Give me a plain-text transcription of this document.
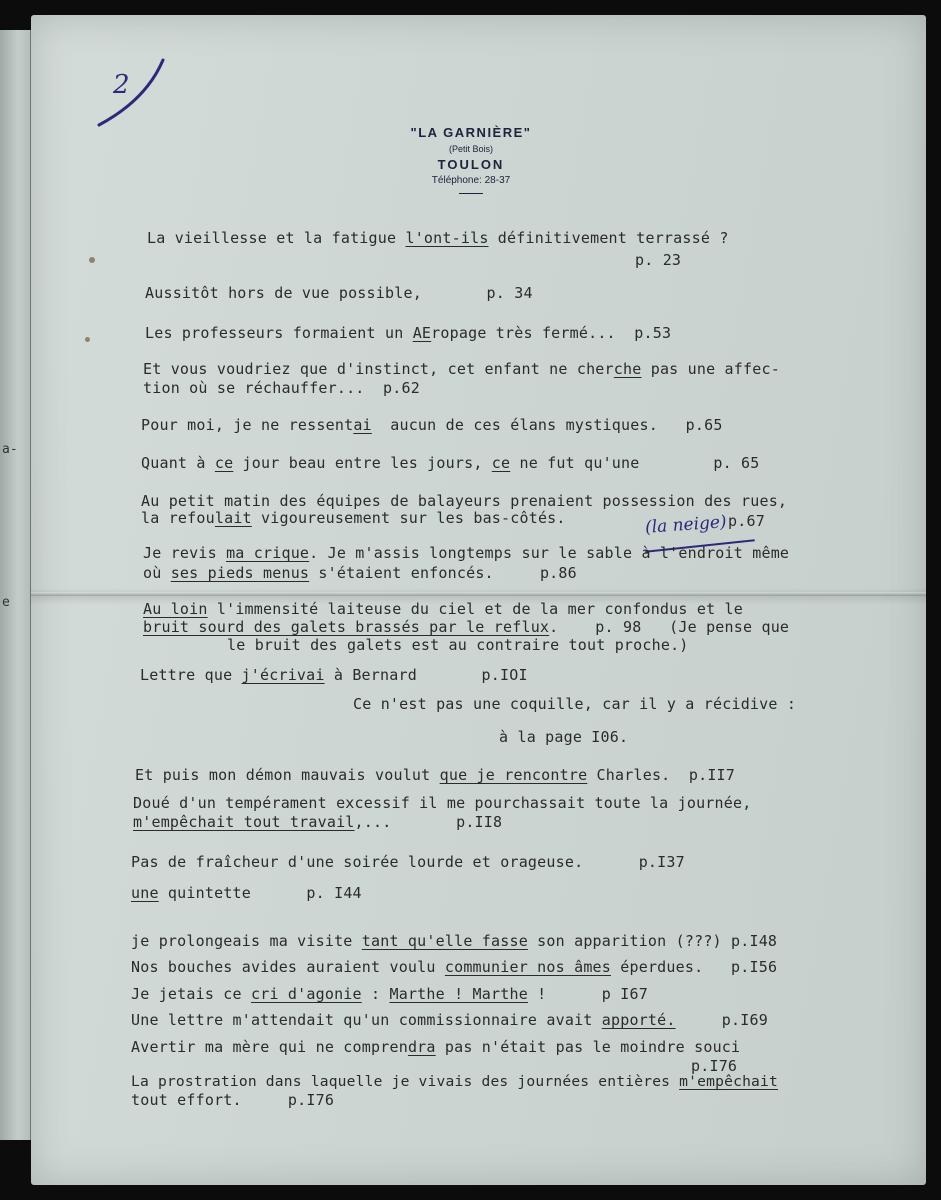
a-
e
2
"LA GARNIÈRE"
(Petit Bois)
TOULON
Téléphone: 28-37
La vieillesse et la fatigue l'ont-ils définitivement terrassé ?
p. 23
Aussitôt hors de vue possible,       p. 34
Les professeurs formaient un AEropage très fermé...  p.53
Et vous voudriez que d'instinct, cet enfant ne cherche pas une affec-
tion où se réchauffer...  p.62
Pour moi, je ne ressentai  aucun de ces élans mystiques.   p.65
Quant à ce jour beau entre les jours, ce ne fut qu'une        p. 65
Au petit matin des équipes de balayeurs prenaient possession des rues,
la refoulait vigoureusement sur les bas-côtés.	p.67
(la neige)
Je revis ma crique. Je m'assis longtemps sur le sable à l'endroit même
où ses pieds menus s'étaient enfoncés.     p.86
Au loin l'immensité laiteuse du ciel et de la mer confondus et le
bruit sourd des galets brassés par le reflux.    p. 98   (Je pense que
le bruit des galets est au contraire tout proche.)
Lettre que j'écrivai à Bernard       p.IOI
Ce n'est pas une coquille, car il y a récidive :
à la page I06.
Et puis mon démon mauvais voulut que je rencontre Charles.  p.II7
Doué d'un tempérament excessif il me pourchassait toute la journée,
m'empêchait tout travail,...       p.II8
Pas de fraîcheur d'une soirée lourde et orageuse.      p.I37
une quintette      p. I44
je prolongeais ma visite tant qu'elle fasse son apparition (???) p.I48
Nos bouches avides auraient voulu communier nos âmes éperdues.   p.I56
Je jetais ce cri d'agonie : Marthe ! Marthe !      p I67
Une lettre m'attendait qu'un commissionnaire avait apporté.     p.I69
Avertir ma mère qui ne comprendra pas n'était pas le moindre souci
p.I76
La prostration dans laquelle je vivais des journées entières m'empêchait
tout effort.     p.I76
